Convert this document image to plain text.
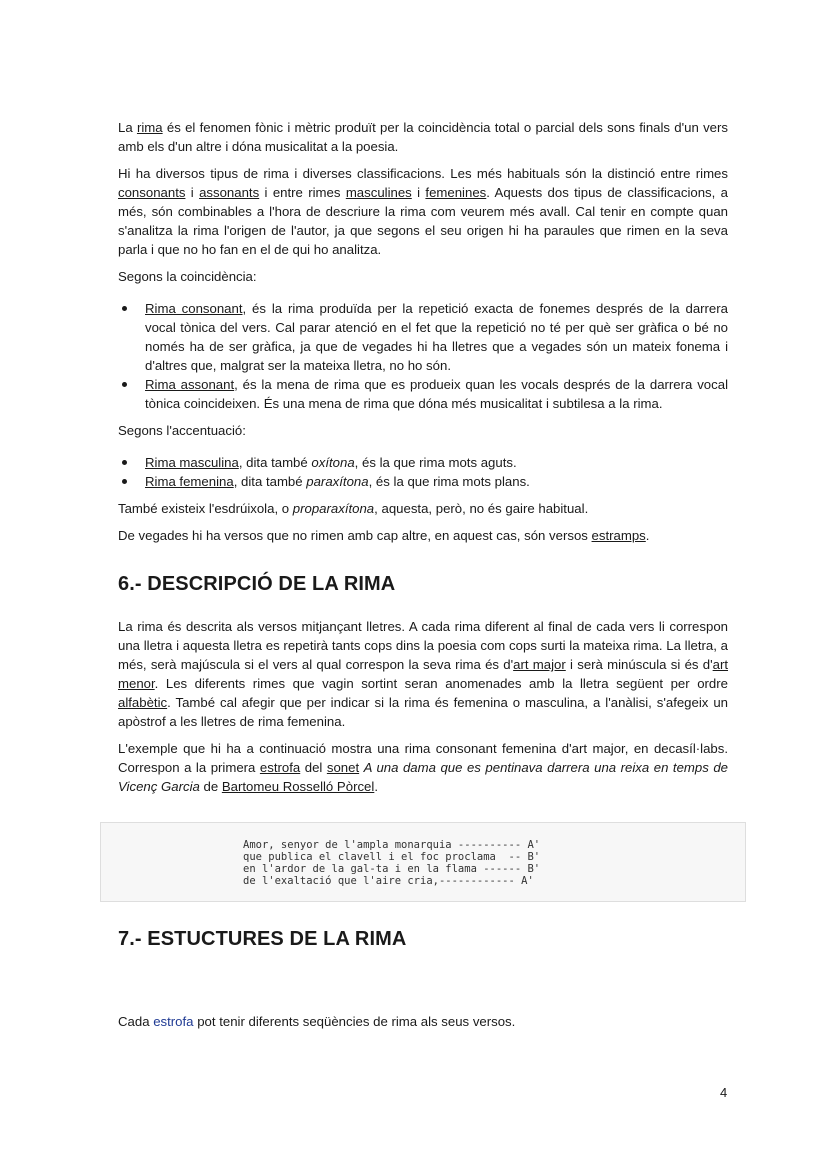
La rima és el fenomen fònic i mètric produït per la coincidència total o parcial dels sons finals d'un vers amb els d'un altre i dóna musicalitat a la poesia.

Hi ha diversos tipus de rima i diverses classificacions. Les més habituals són la distinció entre rimes consonants i assonants i entre rimes masculines i femenines. Aquests dos tipus de classificacions, a més, són combinables a l'hora de descriure la rima com veurem més avall. Cal tenir en compte quan s'analitza la rima l'origen de l'autor, ja que segons el seu origen hi ha paraules que rimen en la seva parla i que no ho fan en el de qui ho analitza.

Segons la coincidència:

Rima consonant, és la rima produïda per la repetició exacta de fonemes després de la darrera vocal tònica del vers. Cal parar atenció en el fet que la repetició no té per què ser gràfica o bé no només ha de ser gràfica, ja que de vegades hi ha lletres que a vegades són un mateix fonema i d'altres que, malgrat ser la mateixa lletra, no ho són.
Rima assonant, és la mena de rima que es produeix quan les vocals després de la darrera vocal tònica coincideixen. És una mena de rima que dóna més musicalitat i subtilesa a la rima.

Segons l'accentuació:

Rima masculina, dita també oxítona, és la que rima mots aguts.
Rima femenina, dita també paraxítona, és la que rima mots plans.

També existeix l'esdrúixola, o proparaxítona, aquesta, però, no és gaire habitual.

De vegades hi ha versos que no rimen amb cap altre, en aquest cas, són versos estramps.

6.- DESCRIPCIÓ DE LA RIMA

La rima és descrita als versos mitjançant lletres. A cada rima diferent al final de cada vers li correspon una lletra i aquesta lletra es repetirà tants cops dins la poesia com cops surti la mateixa rima. La lletra, a més, serà majúscula si el vers al qual correspon la seva rima és d'art major i serà minúscula si és d'art menor. Les diferents rimes que vagin sortint seran anomenades amb la lletra següent per ordre alfabètic. També cal afegir que per indicar si la rima és femenina o masculina, a l'anàlisi, s'afegeix un apòstrof a les lletres de rima femenina.

L'exemple que hi ha a continuació mostra una rima consonant femenina d'art major, en decasíl·labs. Correspon a la primera estrofa del sonet A una dama que es pentinava darrera una reixa en temps de Vicenç Garcia de Bartomeu Rosselló Pòrcel.

Amor, senyor de l'ampla monarquia ---------- A'
que publica el clavell i el foc proclama  -- B'
en l'ardor de la gal-ta i en la flama ------ B'
de l'exaltació que l'aire cria,------------ A'
7.- ESTUCTURES DE LA RIMA

Cada estrofa pot tenir diferents seqüències de rima als seus versos.

4
